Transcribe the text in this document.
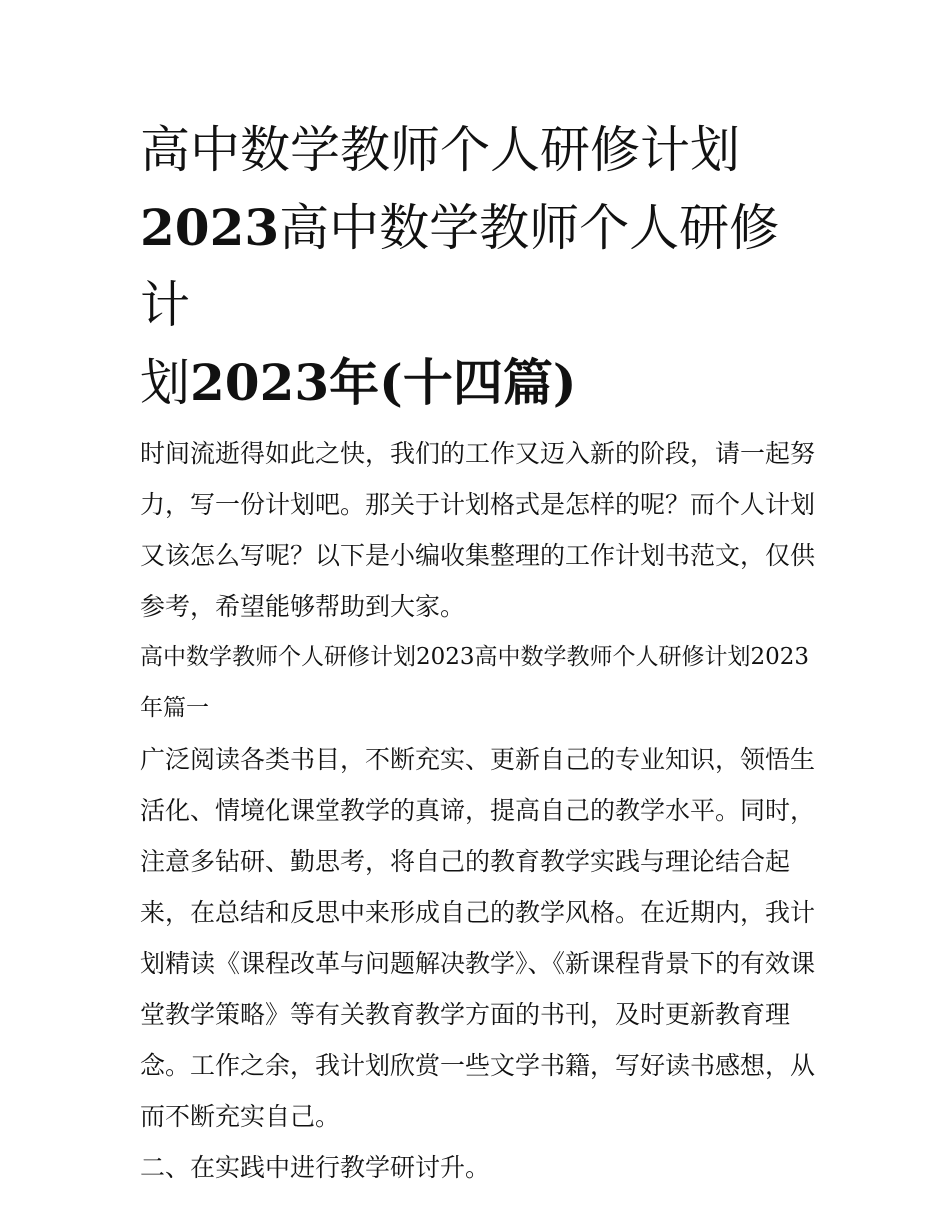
高中数学教师个人研修计划
2023高中数学教师个人研修计
划2023年(十四篇)

时间流逝得如此之快，我们的工作又迈入新的阶段，请一起努力，写一份计划吧。那关于计划格式是怎样的呢？而个人计划又该怎么写呢？以下是小编收集整理的工作计划书范文，仅供参考，希望能够帮助到大家。

高中数学教师个人研修计划2023高中数学教师个人研修计划2023年篇一

广泛阅读各类书目，不断充实、更新自己的专业知识，领悟生活化、情境化课堂教学的真谛，提高自己的教学水平。同时，注意多钻研、勤思考，将自己的教育教学实践与理论结合起来，在总结和反思中来形成自己的教学风格。在近期内，我计划精读《课程改革与问题解决教学》、《新课程背景下的有效课堂教学策略》等有关教育教学方面的书刊，及时更新教育理念。工作之余，我计划欣赏一些文学书籍，写好读书感想，从而不断充实自己。

二、在实践中进行教学研讨升。
